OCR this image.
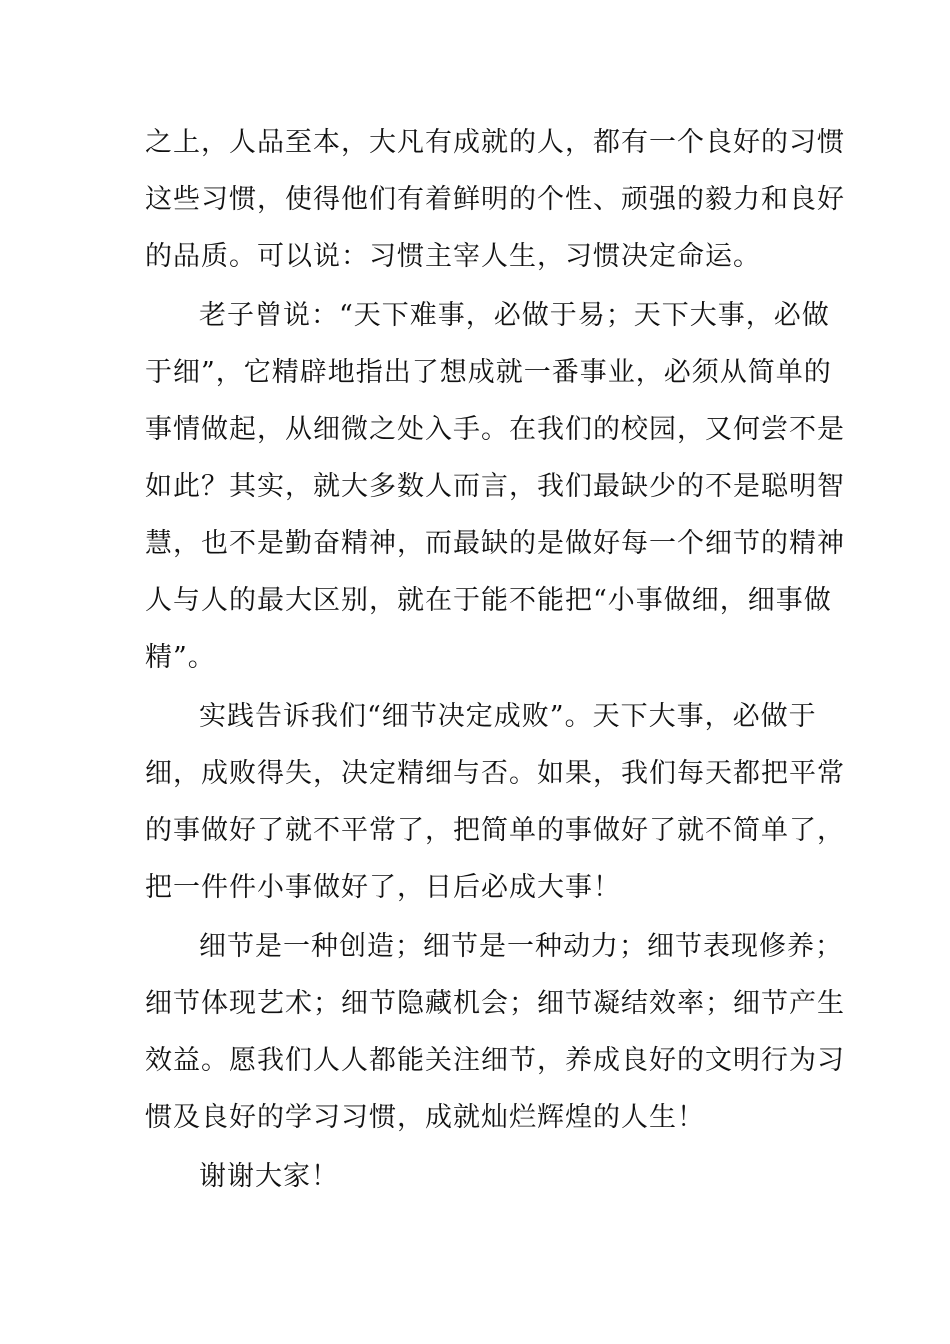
之上，人品至本，大凡有成就的人，都有一个良好的习惯
这些习惯，使得他们有着鲜明的个性、顽强的毅力和良好
的品质。可以说：习惯主宰人生，习惯决定命运。
老子曾说：“天下难事，必做于易；天下大事，必做
于细”，它精辟地指出了想成就一番事业，必须从简单的
事情做起，从细微之处入手。在我们的校园，又何尝不是
如此？其实，就大多数人而言，我们最缺少的不是聪明智
慧，也不是勤奋精神，而最缺的是做好每一个细节的精神
人与人的最大区别，就在于能不能把“小事做细，细事做
精”。
实践告诉我们“细节决定成败”。天下大事，必做于
细，成败得失，决定精细与否。如果，我们每天都把平常
的事做好了就不平常了，把简单的事做好了就不简单了，
把一件件小事做好了，日后必成大事！
细节是一种创造；细节是一种动力；细节表现修养；
细节体现艺术；细节隐藏机会；细节凝结效率；细节产生
效益。愿我们人人都能关注细节，养成良好的文明行为习
惯及良好的学习习惯，成就灿烂辉煌的人生！
谢谢大家！
